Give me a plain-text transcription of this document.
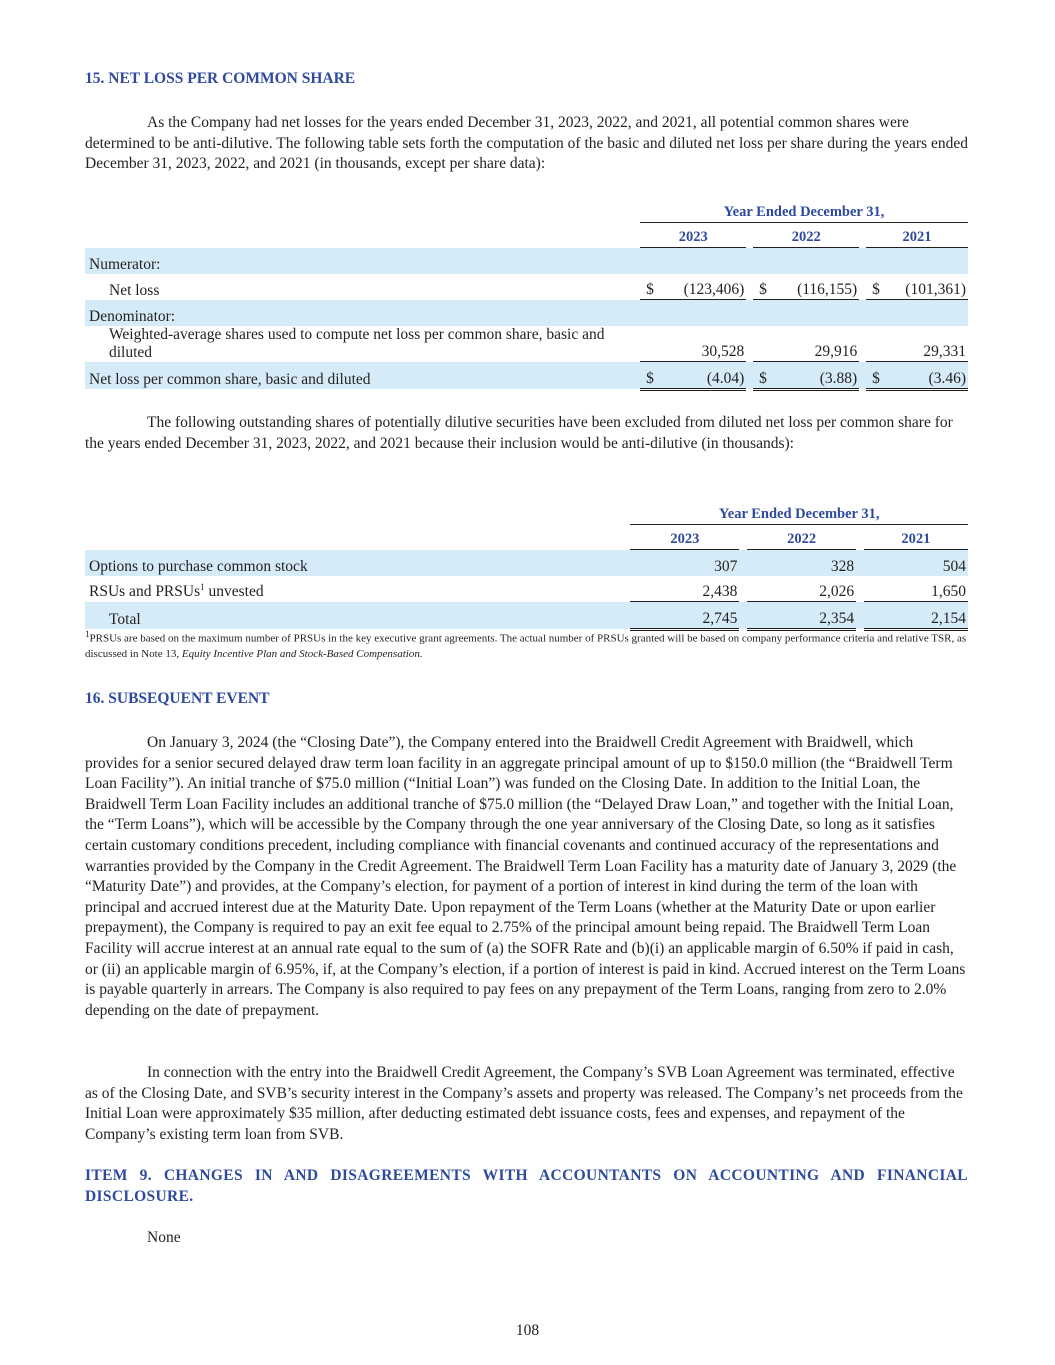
15. NET LOSS PER COMMON SHARE
As the Company had net losses for the years ended December 31, 2023, 2022, and 2021, all potential common shares were determined to be anti-dilutive. The following table sets forth the computation of the basic and diluted net loss per share during the years ended December 31, 2023, 2022, and 2021 (in thousands, except per share data):

	Year Ended December 31,							

	2023			2022			2021	

Numerator:								
Net loss	$	(123,406)		$	(116,155)		$	(101,361)
Denominator:								

Weighted-average shares used to compute net loss per common share, basic and diluted		30,528			29,916			29,331
Net loss per common share, basic and diluted	$	(4.04)		$	(3.88)		$	(3.46)
The following outstanding shares of potentially dilutive securities have been excluded from diluted net loss per common share for the years ended December 31, 2023, 2022, and 2021 because their inclusion would be anti-dilutive (in thousands):

	Year Ended December 31,							

	2023			2022			2021	

Options to purchase common stock		307			328			504
RSUs and PRSUs$^1$ unvested		2,438			2,026			1,650
Total		2,745			2,354			2,154
$^1$PRSUs are based on the maximum number of PRSUs in the key executive grant agreements. The actual number of PRSUs granted will be based on company performance criteria and relative TSR, as discussed in Note 13, Equity Incentive Plan and Stock-Based Compensation.
16. SUBSEQUENT EVENT
On January 3, 2024 (the “Closing Date”), the Company entered into the Braidwell Credit Agreement with Braidwell, which provides for a senior secured delayed draw term loan facility in an aggregate principal amount of up to $150.0 million (the “Braidwell Term Loan Facility”). An initial tranche of $75.0 million (“Initial Loan”) was funded on the Closing Date. In addition to the Initial Loan, the Braidwell Term Loan Facility includes an additional tranche of $75.0 million (the “Delayed Draw Loan,” and together with the Initial Loan, the “Term Loans”), which will be accessible by the Company through the one year anniversary of the Closing Date, so long as it satisfies certain customary conditions precedent, including compliance with financial covenants and continued accuracy of the representations and warranties provided by the Company in the Credit Agreement. The Braidwell Term Loan Facility has a maturity date of January 3, 2029 (the “Maturity Date”) and provides, at the Company’s election, for payment of a portion of interest in kind during the term of the loan with principal and accrued interest due at the Maturity Date. Upon repayment of the Term Loans (whether at the Maturity Date or upon earlier prepayment), the Company is required to pay an exit fee equal to 2.75% of the principal amount being repaid. The Braidwell Term Loan Facility will accrue interest at an annual rate equal to the sum of (a) the SOFR Rate and (b)(i) an applicable margin of 6.50% if paid in cash, or (ii) an applicable margin of 6.95%, if, at the Company’s election, if a portion of interest is paid in kind. Accrued interest on the Term Loans is payable quarterly in arrears. The Company is also required to pay fees on any prepayment of the Term Loans, ranging from zero to 2.0% depending on the date of prepayment.
In connection with the entry into the Braidwell Credit Agreement, the Company’s SVB Loan Agreement was terminated, effective as of the Closing Date, and SVB’s security interest in the Company’s assets and property was released. The Company’s net proceeds from the Initial Loan were approximately $35 million, after deducting estimated debt issuance costs, fees and expenses, and repayment of the Company’s existing term loan from SVB.
ITEM 9. CHANGES IN AND DISAGREEMENTS WITH ACCOUNTANTS ON ACCOUNTING AND FINANCIAL DISCLOSURE.
None
108
